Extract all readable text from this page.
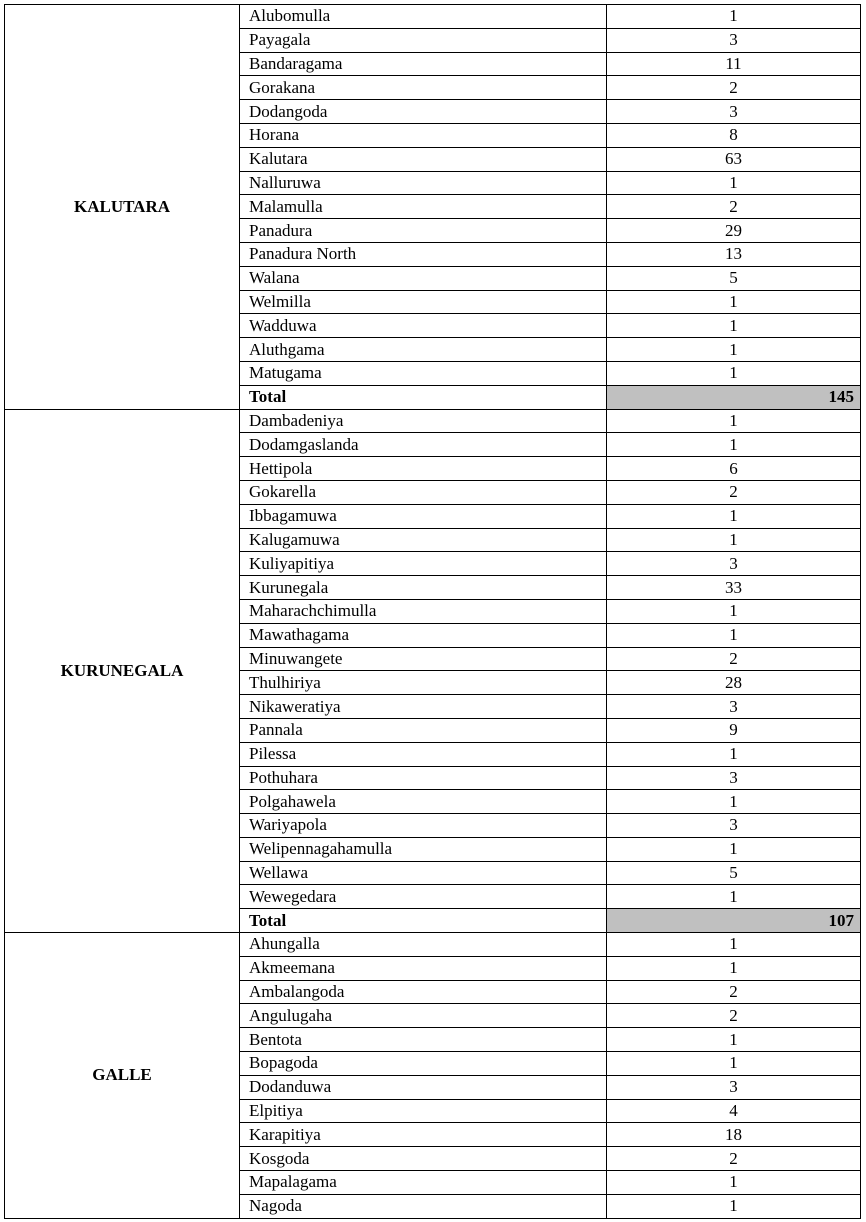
KALUTARA	Alubomulla	1
	Payagala	3
	Bandaragama	11
	Gorakana	2
	Dodangoda	3
	Horana	8
	Kalutara	63
	Nalluruwa	1
	Malamulla	2
	Panadura	29
	Panadura North	13
	Walana	5
	Welmilla	1
	Wadduwa	1
	Aluthgama	1
	Matugama	1
	Total	145
KURUNEGALA	Dambadeniya	1
	Dodamgaslanda	1
	Hettipola	6
	Gokarella	2
	Ibbagamuwa	1
	Kalugamuwa	1
	Kuliyapitiya	3
	Kurunegala	33
	Maharachchimulla	1
	Mawathagama	1
	Minuwangete	2
	Thulhiriya	28
	Nikaweratiya	3
	Pannala	9
	Pilessa	1
	Pothuhara	3
	Polgahawela	1
	Wariyapola	3
	Welipennagahamulla	1
	Wellawa	5
	Wewegedara	1
	Total	107
GALLE	Ahungalla	1
	Akmeemana	1
	Ambalangoda	2
	Angulugaha	2
	Bentota	1
	Bopagoda	1
	Dodanduwa	3
	Elpitiya	4
	Karapitiya	18
	Kosgoda	2
	Mapalagama	1
	Nagoda	1
